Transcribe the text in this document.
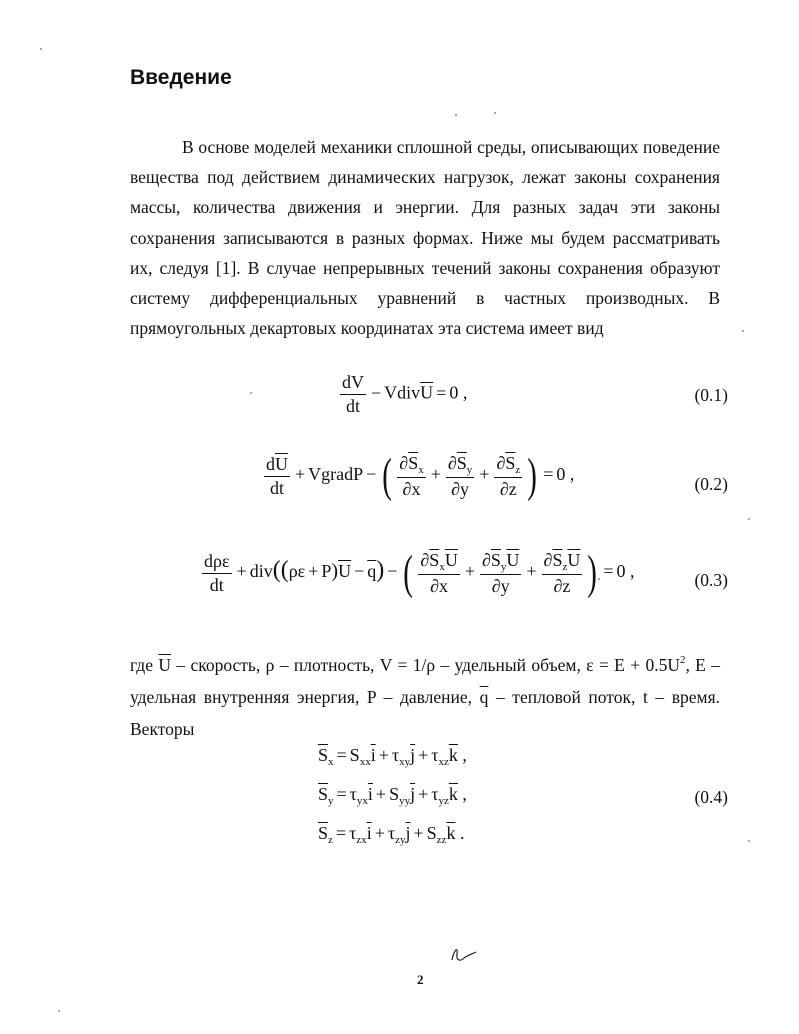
Введение
В основе моделей механики сплошной среды, описывающих поведение
вещества под действием динамических нагрузок, лежат законы сохранения
массы, количества движения и энергии. Для разных задач эти законы
сохранения записываются в разных формах. Ниже мы будем рассматривать
их, следуя [1]. В случае непрерывных течений законы сохранения образуют
систему дифференциальных уравнений в частных производных. В
прямоугольных декартовых координатах эта система имеет вид
$\frac{dV}{dt}$ − $Vdiv\overline{U} = 0$ ,	(0.1)
$\frac{d\overline{U}}{dt}$ + VgradP − ( $\frac{\partial\overline{S}_x}{\partial x} + \frac{\partial\overline{S}_y}{\partial y} + \frac{\partial\overline{S}_z}{\partial z}$ ) = 0 ,	(0.2)
$\frac{\text{dρε}}{dt} + div((\rho\varepsilon + P)\overline{U} - \overline{q})$ − ( $\frac{\partial\overline{S}_x\overline{U}}{\partial x} + \frac{\partial\overline{S}_y\overline{U}}{\partial y} + \frac{\partial\overline{S}_z\overline{U}}{\partial z}$ ) = 0 ,	(0.3)
где $\overline{U}$ – скорость, ρ – плотность, V = 1/ρ – удельный объем, $\varepsilon = E + 0.5U^2$, E –
удельная внутренняя энергия, P – давление, $\overline{q}$ – тепловой поток, t – время.
Векторы
$\overline{S}_x = S_{xx}\overline{i} + \tau_{xy}\overline{j} + \tau_{xz}\overline{k}$ ,
$\overline{S}_y = \tau_{yx}\overline{i} + S_{yy}\overline{j} + \tau_{yz}\overline{k}$ ,
$\overline{S}_z = \tau_{zx}\overline{i} + \tau_{zy}\overline{j} + S_{zz}\overline{k}$ .
(0.4)
2
